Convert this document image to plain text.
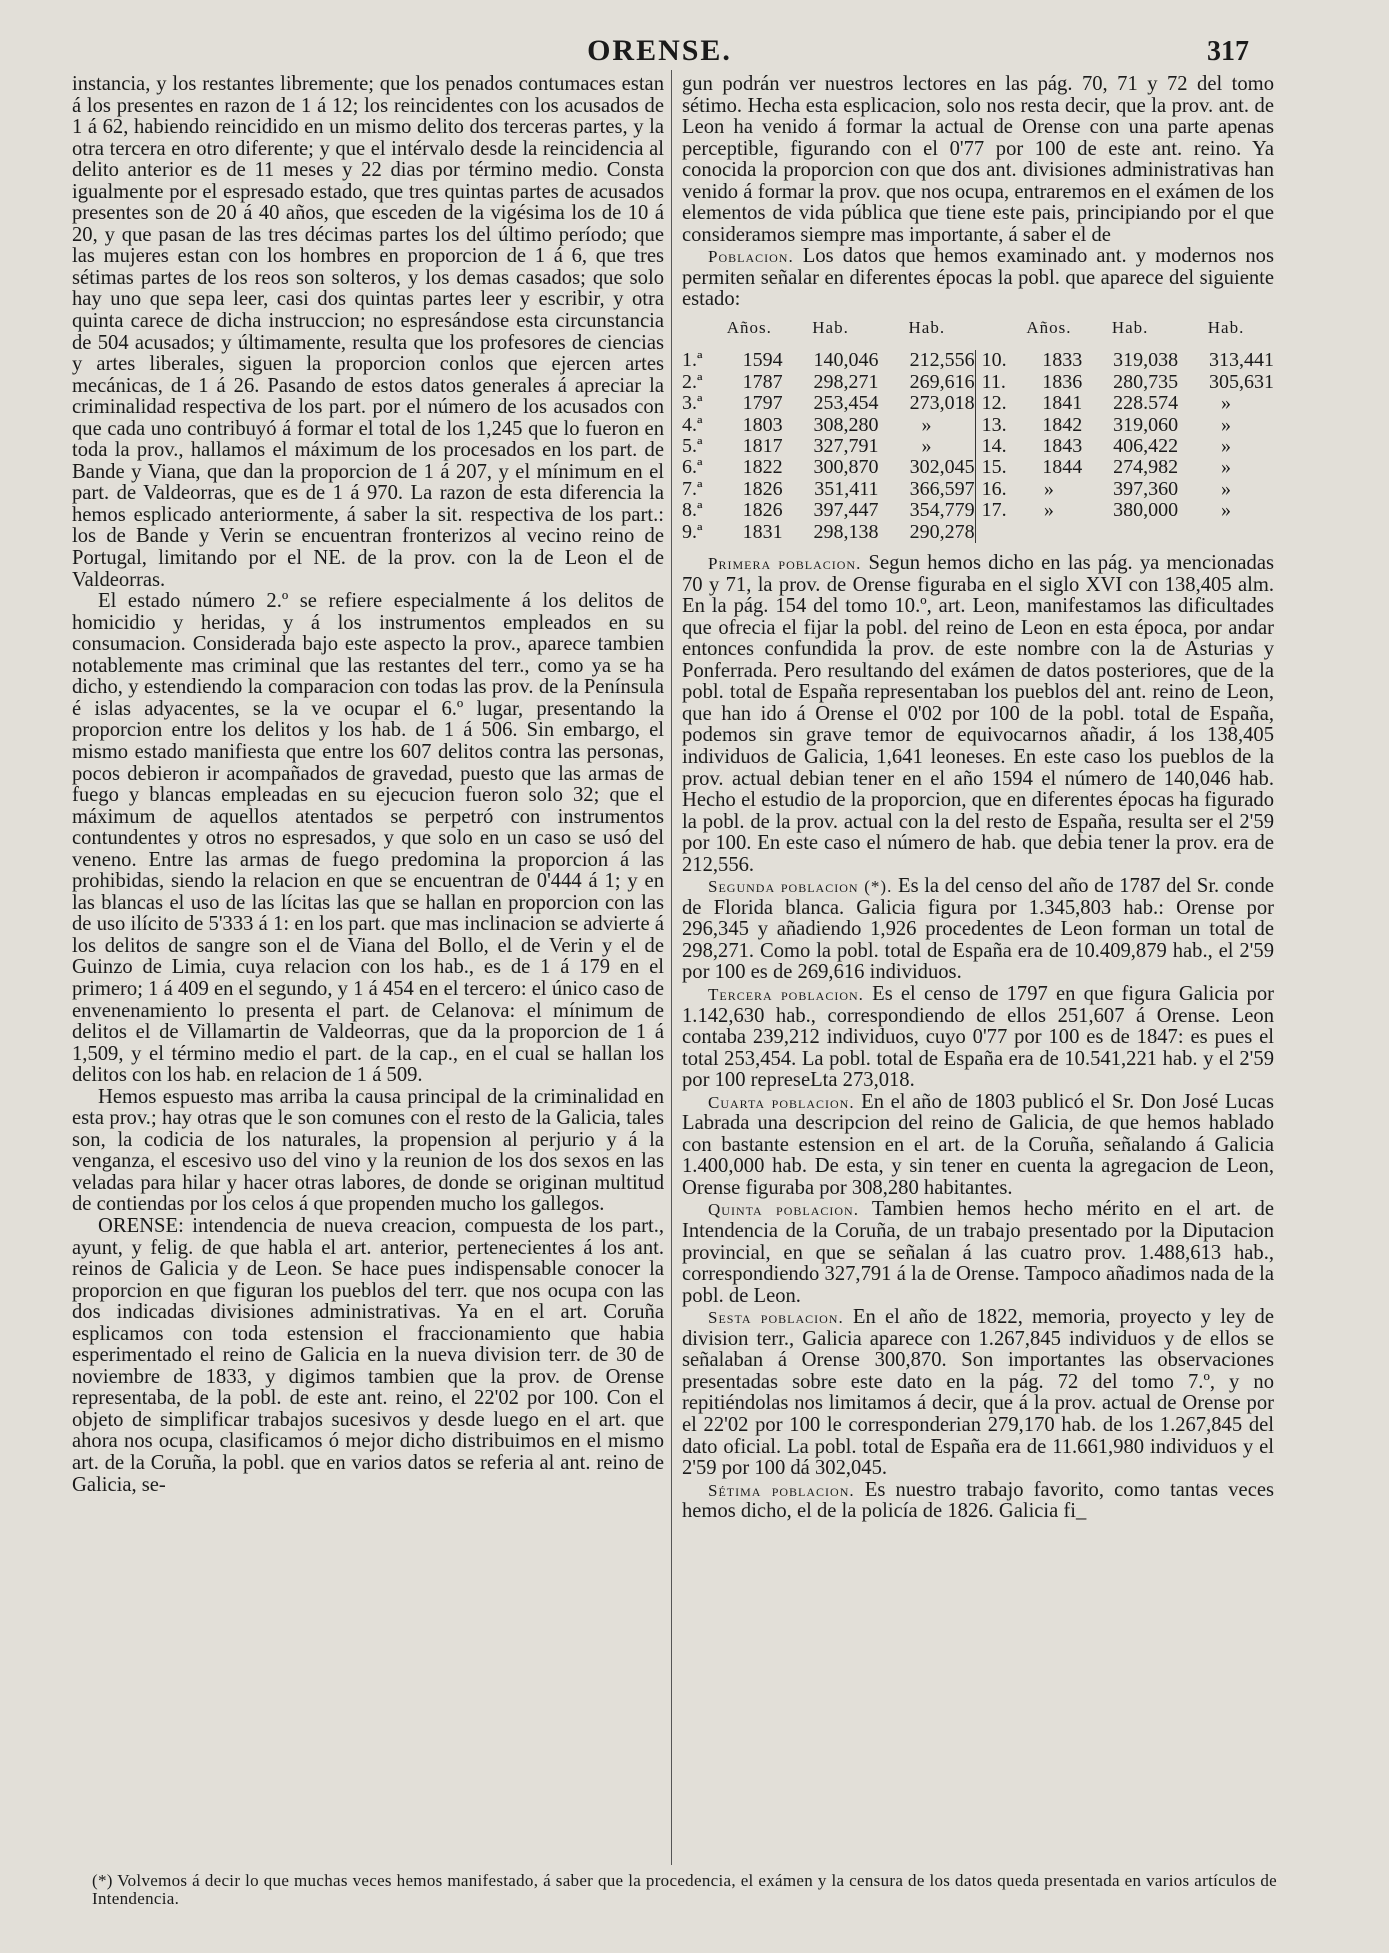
ORENSE.	317

instancia, y los restantes libremente; que los penados contumaces estan á los presentes en razon de 1 á 12; los reincidentes con los acusados de 1 á 62, habiendo reincidido en un mismo delito dos terceras partes, y la otra tercera en otro diferente; y que el intérvalo desde la reincidencia al delito anterior es de 11 meses y 22 dias por término medio. Consta igualmente por el espresado estado, que tres quintas partes de acusados presentes son de 20 á 40 años, que esceden de la vigésima los de 10 á 20, y que pasan de las tres décimas partes los del último período; que las mujeres estan con los hombres en proporcion de 1 á 6, que tres sétimas partes de los reos son solteros, y los demas casados; que solo hay uno que sepa leer, casi dos quintas partes leer y escribir, y otra quinta carece de dicha instruccion; no espresándose esta circunstancia de 504 acusados; y últimamente, resulta que los profesores de ciencias y artes liberales, siguen la proporcion conlos que ejercen artes mecánicas, de 1 á 26. Pasando de estos datos generales á apreciar la criminalidad respectiva de los part. por el número de los acusados con que cada uno contribuyó á formar el total de los 1,245 que lo fueron en toda la prov., hallamos el máximum de los procesados en los part. de Bande y Viana, que dan la proporcion de 1 á 207, y el mínimum en el part. de Valdeorras, que es de 1 á 970. La razon de esta diferencia la hemos esplicado anteriormente, á saber la sit. respectiva de los part.: los de Bande y Verin se encuentran fronterizos al vecino reino de Portugal, limitando por el NE. de la prov. con la de Leon el de Valdeorras.

El estado número 2.º se refiere especialmente á los delitos de homicidio y heridas, y á los instrumentos empleados en su consumacion. Considerada bajo este aspecto la prov., aparece tambien notablemente mas criminal que las restantes del terr., como ya se ha dicho, y estendiendo la comparacion con todas las prov. de la Península é islas adyacentes, se la ve ocupar el 6.º lugar, presentando la proporcion entre los delitos y los hab. de 1 á 506. Sin embargo, el mismo estado manifiesta que entre los 607 delitos contra las personas, pocos debieron ir acompañados de gravedad, puesto que las armas de fuego y blancas empleadas en su ejecucion fueron solo 32; que el máximum de aquellos atentados se perpetró con instrumentos contundentes y otros no espresados, y que solo en un caso se usó del veneno. Entre las armas de fuego predomina la proporcion á las prohibidas, siendo la relacion en que se encuentran de 0'444 á 1; y en las blancas el uso de las lícitas las que se hallan en proporcion con las de uso ilícito de 5'333 á 1: en los part. que mas inclinacion se advierte á los delitos de sangre son el de Viana del Bollo, el de Verin y el de Guinzo de Limia, cuya relacion con los hab., es de 1 á 179 en el primero; 1 á 409 en el segundo, y 1 á 454 en el tercero: el único caso de envenenamiento lo presenta el part. de Celanova: el mínimum de delitos el de Villamartin de Valdeorras, que da la proporcion de 1 á 1,509, y el término medio el part. de la cap., en el cual se hallan los delitos con los hab. en relacion de 1 á 509.

Hemos espuesto mas arriba la causa principal de la criminalidad en esta prov.; hay otras que le son comunes con el resto de la Galicia, tales son, la codicia de los naturales, la propension al perjurio y á la venganza, el escesivo uso del vino y la reunion de los dos sexos en las veladas para hilar y hacer otras labores, de donde se originan multitud de contiendas por los celos á que propenden mucho los gallegos.

ORENSE: intendencia de nueva creacion, compuesta de los part., ayunt, y felig. de que habla el art. anterior, pertenecientes á los ant. reinos de Galicia y de Leon. Se hace pues indispensable conocer la proporcion en que figuran los pueblos del terr. que nos ocupa con las dos indicadas divisiones administrativas. Ya en el art. Coruña esplicamos con toda estension el fraccionamiento que habia esperimentado el reino de Galicia en la nueva division terr. de 30 de noviembre de 1833, y digimos tambien que la prov. de Orense representaba, de la pobl. de este ant. reino, el 22'02 por 100. Con el objeto de simplificar trabajos sucesivos y desde luego en el art. que ahora nos ocupa, clasificamos ó mejor dicho distribuimos en el mismo art. de la Coruña, la pobl. que en varios datos se referia al ant. reino de Galicia, se-

gun podrán ver nuestros lectores en las pág. 70, 71 y 72 del tomo sétimo. Hecha esta esplicacion, solo nos resta decir, que la prov. ant. de Leon ha venido á formar la actual de Orense con una parte apenas perceptible, figurando con el 0'77 por 100 de este ant. reino. Ya conocida la proporcion con que dos ant. divisiones administrativas han venido á formar la prov. que nos ocupa, entraremos en el exámen de los elementos de vida pública que tiene este pais, principiando por el que consideramos siempre mas importante, á saber el de

Poblacion. Los datos que hemos examinado ant. y modernos nos permiten señalar en diferentes épocas la pobl. que aparece del siguiente estado:

	Años.	Hab.	Hab.			Años.	Hab.	Hab.
1.ª	1594	140,046	212,556		10.	1833	319,038	313,441
2.ª	1787	298,271	269,616		11.	1836	280,735	305,631
3.ª	1797	253,454	273,018		12.	1841	228.574	»
4.ª	1803	308,280	»		13.	1842	319,060	»
5.ª	1817	327,791	»		14.	1843	406,422	»
6.ª	1822	300,870	302,045		15.	1844	274,982	»
7.ª	1826	351,411	366,597		16.	»	397,360	»
8.ª	1826	397,447	354,779		17.	»	380,000	»
9.ª	1831	298,138	290,278					

Primera poblacion. Segun hemos dicho en las pág. ya mencionadas 70 y 71, la prov. de Orense figuraba en el siglo XVI con 138,405 alm. En la pág. 154 del tomo 10.º, art. Leon, manifestamos las dificultades que ofrecia el fijar la pobl. del reino de Leon en esta época, por andar entonces confundida la prov. de este nombre con la de Asturias y Ponferrada. Pero resultando del exámen de datos posteriores, que de la pobl. total de España representaban los pueblos del ant. reino de Leon, que han ido á Orense el 0'02 por 100 de la pobl. total de España, podemos sin grave temor de equivocarnos añadir, á los 138,405 individuos de Galicia, 1,641 leoneses. En este caso los pueblos de la prov. actual debian tener en el año 1594 el número de 140,046 hab. Hecho el estudio de la proporcion, que en diferentes épocas ha figurado la pobl. de la prov. actual con la del resto de España, resulta ser el 2'59 por 100. En este caso el número de hab. que debia tener la prov. era de 212,556.

Segunda poblacion (*). Es la del censo del año de 1787 del Sr. conde de Florida blanca. Galicia figura por 1.345,803 hab.: Orense por 296,345 y añadiendo 1,926 procedentes de Leon forman un total de 298,271. Como la pobl. total de España era de 10.409,879 hab., el 2'59 por 100 es de 269,616 individuos.

Tercera poblacion. Es el censo de 1797 en que figura Galicia por 1.142,630 hab., correspondiendo de ellos 251,607 á Orense. Leon contaba 239,212 individuos, cuyo 0'77 por 100 es de 1847: es pues el total 253,454. La pobl. total de España era de 10.541,221 hab. y el 2'59 por 100 represeLta 273,018.

Cuarta poblacion. En el año de 1803 publicó el Sr. Don José Lucas Labrada una descripcion del reino de Galicia, de que hemos hablado con bastante estension en el art. de la Coruña, señalando á Galicia 1.400,000 hab. De esta, y sin tener en cuenta la agregacion de Leon, Orense figuraba por 308,280 habitantes.

Quinta poblacion. Tambien hemos hecho mérito en el art. de Intendencia de la Coruña, de un trabajo presentado por la Diputacion provincial, en que se señalan á las cuatro prov. 1.488,613 hab., correspondiendo 327,791 á la de Orense. Tampoco añadimos nada de la pobl. de Leon.

Sesta poblacion. En el año de 1822, memoria, proyecto y ley de division terr., Galicia aparece con 1.267,845 individuos y de ellos se señalaban á Orense 300,870. Son importantes las observaciones presentadas sobre este dato en la pág. 72 del tomo 7.º, y no repitiéndolas nos limitamos á decir, que á la prov. actual de Orense por el 22'02 por 100 le corresponderian 279,170 hab. de los 1.267,845 del dato oficial. La pobl. total de España era de 11.661,980 individuos y el 2'59 por 100 dá 302,045.

Sétima poblacion. Es nuestro trabajo favorito, como tantas veces hemos dicho, el de la policía de 1826. Galicia fi_

(*) Volvemos á decir lo que muchas veces hemos manifestado, á saber que la procedencia, el exámen y la censura de los datos queda presentada en varios artículos de Intendencia.
